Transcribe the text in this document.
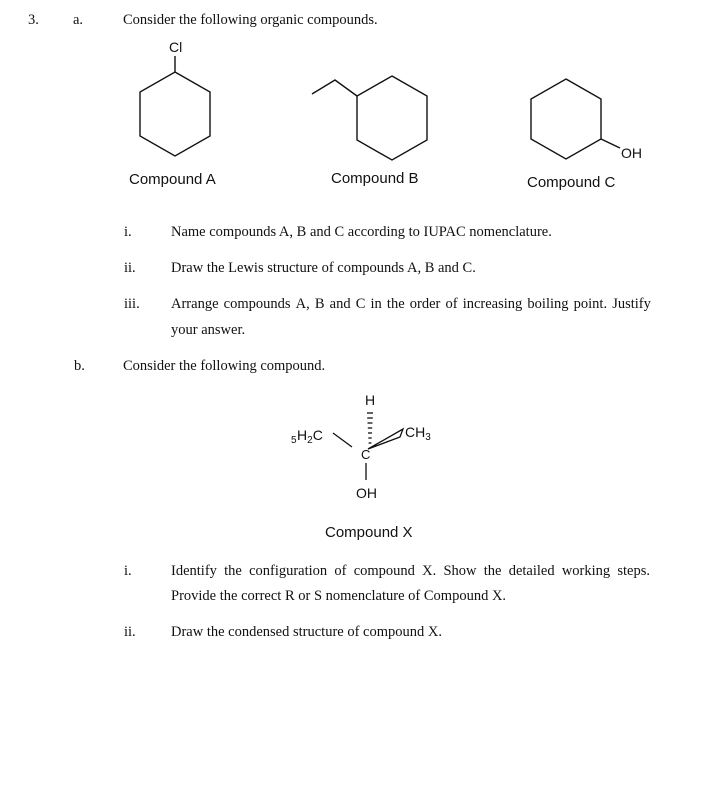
3. a.	Consider the following organic compounds.
Cl
OH
Compound A	Compound B	Compound C
i.	Name compounds A, B and C according to IUPAC nomenclature.
ii. Draw the Lewis structure of compounds A, B and C.
iii. Arrange compounds A, B and C in the order of increasing boiling point. Justify
your answer.
b.	Consider the following compound.
H
$5H_2C$	$CH_3$
C
OH
Compound X
i.	Identify the configuration of compound X. Show the detailed working steps.
Provide the correct R or S nomenclature of Compound X.
ii. Draw the condensed structure of compound X.
